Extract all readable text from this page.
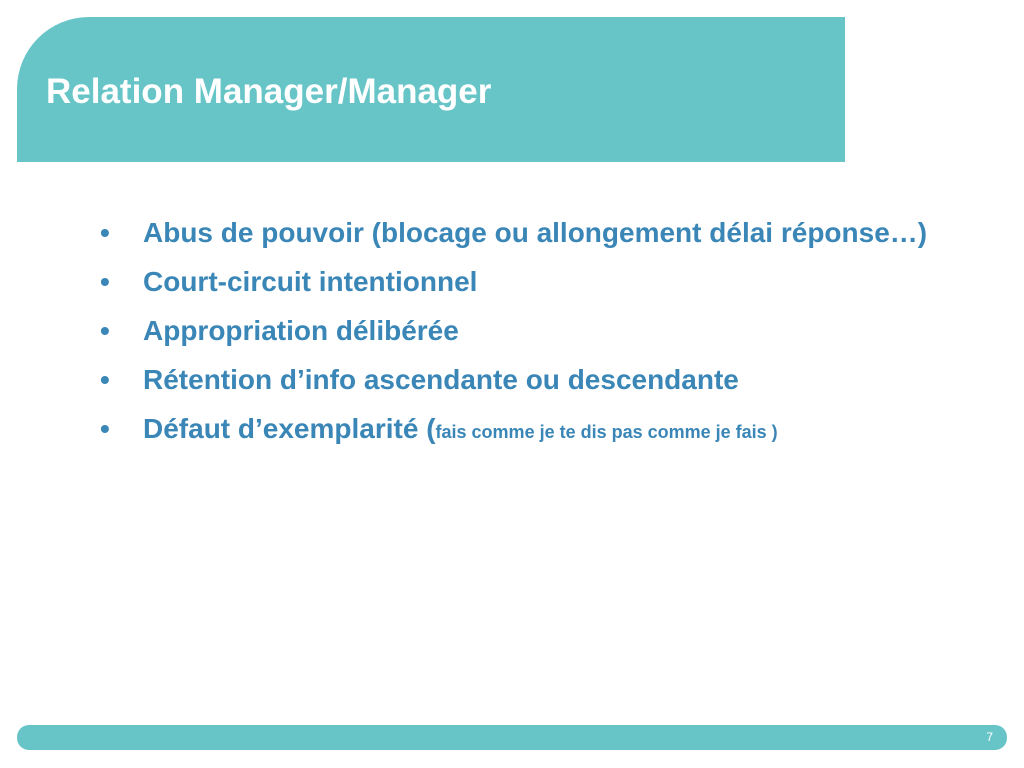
Relation Manager/Manager
• Abus de pouvoir (blocage ou allongement délai réponse…)
• Court-circuit intentionnel
• Appropriation délibérée
• Rétention d’info ascendante ou descendante
• Défaut d’exemplarité (fais comme je te dis pas comme je fais )
7
